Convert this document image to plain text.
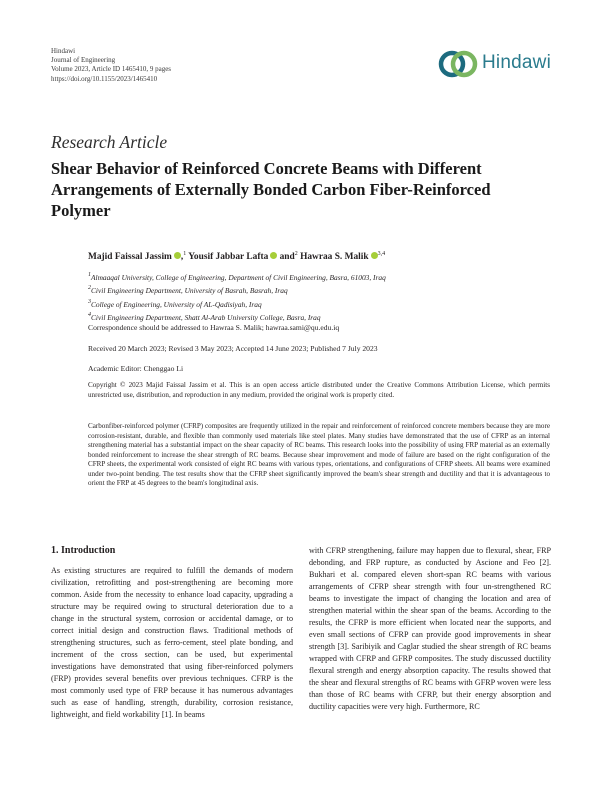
Hindawi
Journal of Engineering
Volume 2023, Article ID 1465410, 9 pages
https://doi.org/10.1155/2023/1465410
Hindawi
Research Article
Shear Behavior of Reinforced Concrete Beams with Different Arrangements of Externally Bonded Carbon Fiber-Reinforced Polymer
Majid Faissal Jassim ,$^1$ Yousif Jabbar Lafta and$^2$ Hawraa S. Malik $^{3,4}$
$^1$Almaaqal University, College of Engineering, Department of Civil Engineering, Basra, 61003, Iraq
$^2$Civil Engineering Department, University of Basrah, Basrah, Iraq
$^3$College of Engineering, University of AL-Qadisiyah, Iraq
$^4$Civil Engineering Department, Shatt Al-Arab University College, Basra, Iraq
Correspondence should be addressed to Hawraa S. Malik; hawraa.sami@qu.edu.iq
Received 20 March 2023; Revised 3 May 2023; Accepted 14 June 2023; Published 7 July 2023
Academic Editor: Chenggao Li
Copyright © 2023 Majid Faissal Jassim et al. This is an open access article distributed under the Creative Commons Attribution License, which permits unrestricted use, distribution, and reproduction in any medium, provided the original work is properly cited.
Carbonfiber-reinforced polymer (CFRP) composites are frequently utilized in the repair and reinforcement of reinforced concrete members because they are more corrosion-resistant, durable, and flexible than commonly used materials like steel plates. Many studies have demonstrated that the use of CFRP as an internal strengthening material has a substantial impact on the shear capacity of RC beams. This research looks into the possibility of using FRP material as an externally bonded reinforcement to increase the shear strength of RC beams. Because shear improvement and mode of failure are based on the right configuration of the CFRP sheets, the experimental work consisted of eight RC beams with various types, orientations, and configurations of CFRP sheets. All beams were examined under two-point bending. The test results show that the CFRP sheet significantly improved the beam's shear strength and ductility and that it is advantageous to orient the FRP at 45 degrees to the beam's longitudinal axis.
1. Introduction
As existing structures are required to fulfill the demands of modern civilization, retrofitting and post-strengthening are becoming more common. Aside from the necessity to enhance load capacity, upgrading a structure may be required owing to structural deterioration due to a change in the structural system, corrosion or accidental damage, or to correct initial design and construction flaws. Traditional methods of strengthening structures, such as ferro-cement, steel plate bonding, and increment of the cross section, can be used, but experimental investigations have demonstrated that using fiber-reinforced polymers (FRP) provides several benefits over previous techniques. CFRP is the most commonly used type of FRP because it has numerous advantages such as ease of handling, strength, durability, corrosion resistance, lightweight, and field workability [1]. In beams
with CFRP strengthening, failure may happen due to flexural, shear, FRP debonding, and FRP rupture, as conducted by Ascione and Feo [2]. Bukhari et al. compared eleven short-span RC beams with various arrangements of CFRP shear strength with four un-strengthened RC beams to investigate the impact of changing the location and area of strengthen material within the shear span of the beams. According to the results, the CFRP is more efficient when located near the supports, and even small sections of CFRP can provide good improvements in shear strength [3]. Saribiyik and Caglar studied the shear strength of RC beams wrapped with CFRP and GFRP composites. The study discussed ductility flexural strength and energy absorption capacity. The results showed that the shear and flexural strengths of RC beams with GFRP woven were less than those of RC beams with CFRP, but their energy absorption and ductility capacities were very high. Furthermore, RC
